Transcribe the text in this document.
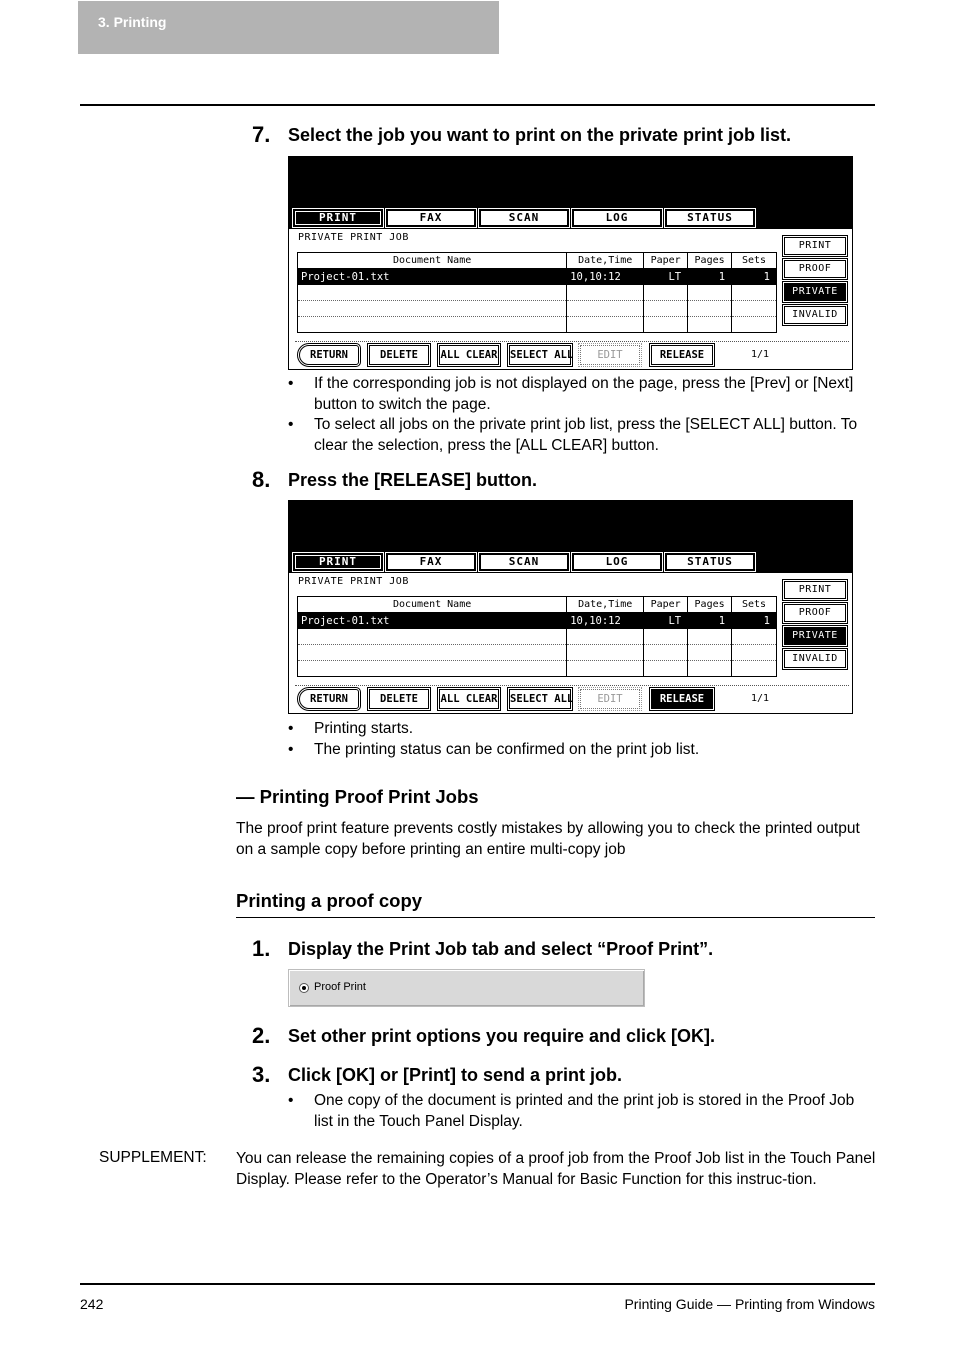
3. Printing
7. Select the job you want to print on the private print job list.
PRINT	FAX	SCAN	LOG	STATUS
PRIVATE PRINT JOB
Document Name	Date,Time	Paper	Pages	Sets
Project-01.txt	10,10:12	LT	1	1

PRINT
PROOF
PRIVATE
INVALID
RETURN	DELETE	ALL CLEAR SELECT ALL	EDIT	RELEASE	1/1
• If the corresponding job is not displayed on the page, press the [Prev] or [Next] button to switch the page.
• To select all jobs on the private print job list, press the [SELECT ALL] button. To clear the selection, press the [ALL CLEAR] button.
8. Press the [RELEASE] button.
PRINT	FAX	SCAN	LOG	STATUS
PRIVATE PRINT JOB
Document Name	Date,Time	Paper	Pages	Sets
Project-01.txt	10,10:12	LT	1	1

PRINT
PROOF
PRIVATE
INVALID
RETURN	DELETE	ALL CLEAR SELECT ALL	EDIT	RELEASE	1/1
• Printing starts.
• The printing status can be confirmed on the print job list.
— Printing Proof Print Jobs
The proof print feature prevents costly mistakes by allowing you to check the printed output on a sample copy before printing an entire multi-copy job
Printing a proof copy
1. Display the Print Job tab and select “Proof Print”.
Proof Print
2. Set other print options you require and click [OK].
3. Click [OK] or [Print] to send a print job.
• One copy of the document is printed and the print job is stored in the Proof Job list in the Touch Panel Display.
SUPPLEMENT: You can release the remaining copies of a proof job from the Proof Job list in the Touch Panel Display. Please refer to the Operator’s Manual for Basic Function for this instruc-tion.
242	Printing Guide — Printing from Windows
